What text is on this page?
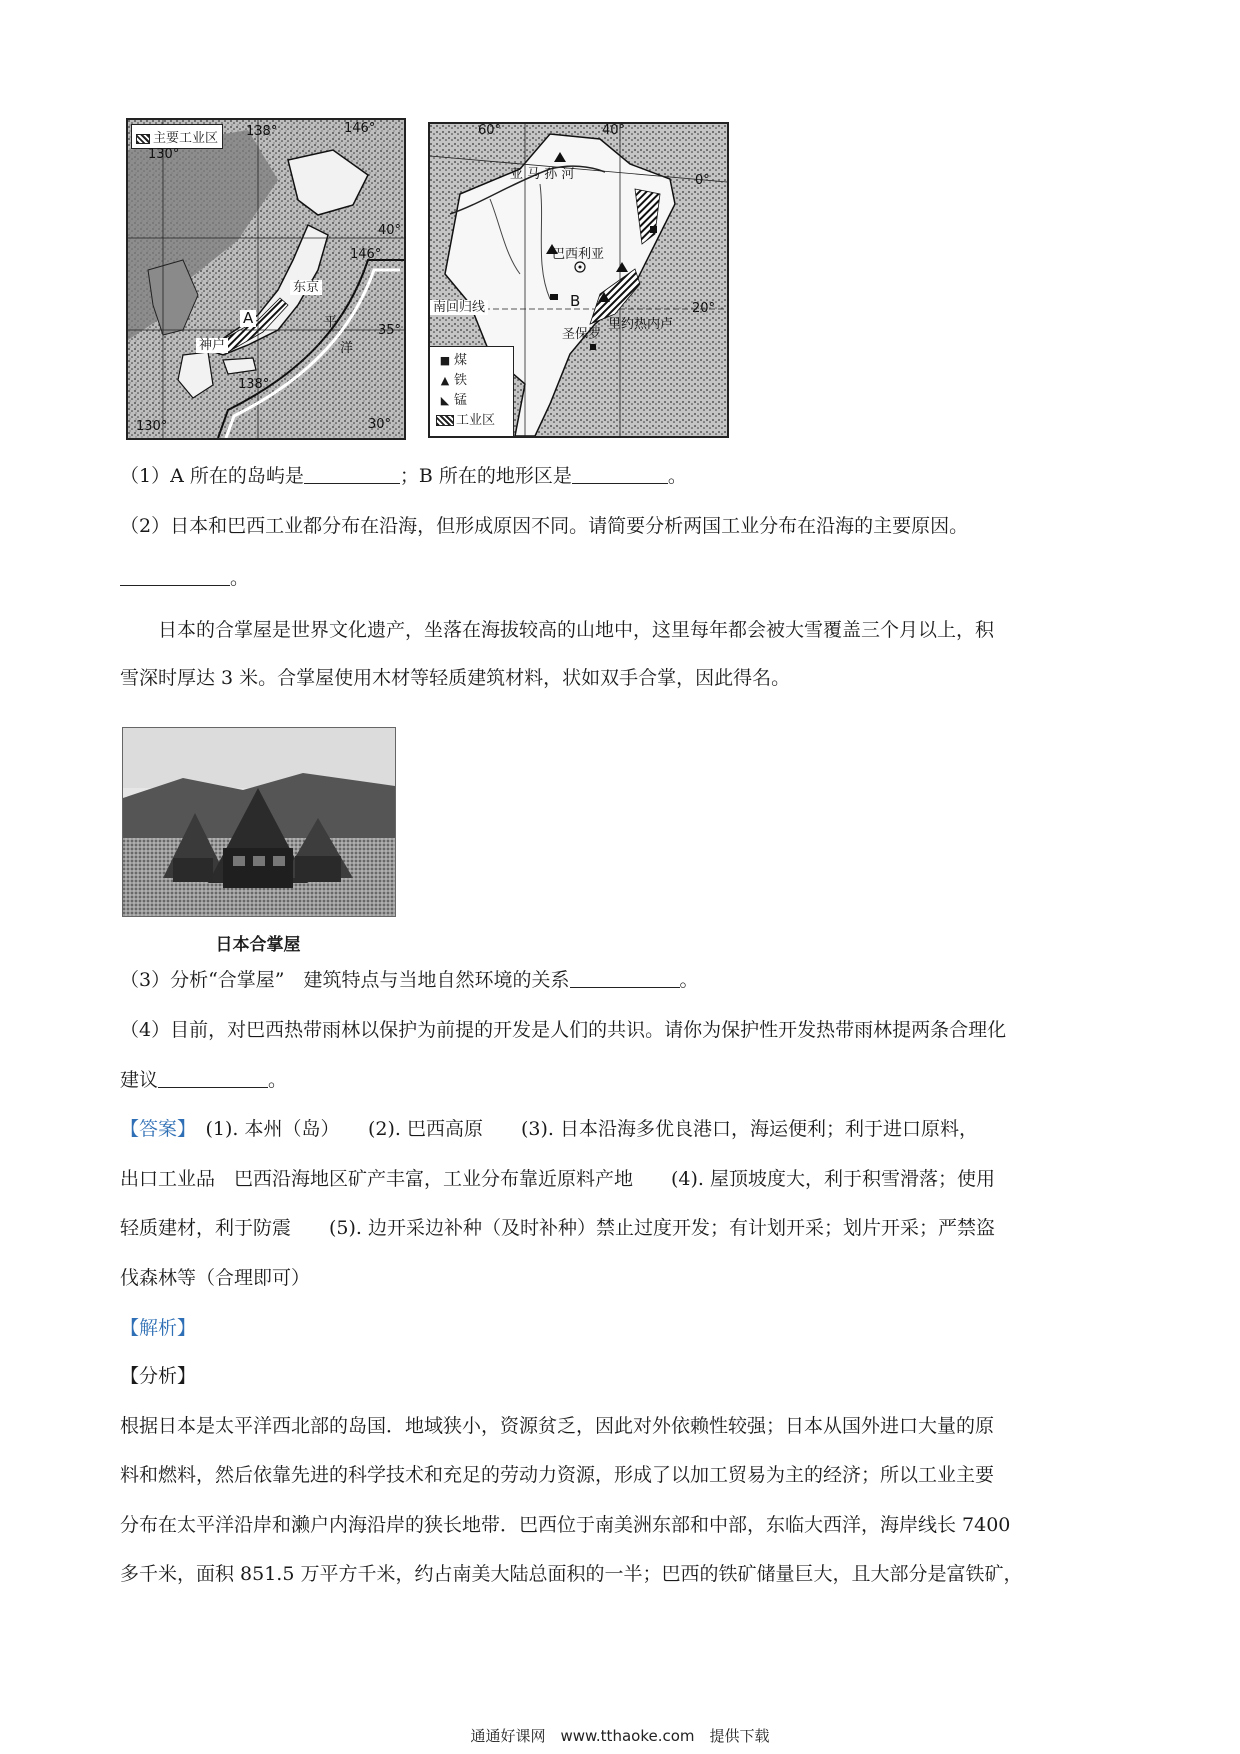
主要工业区
130°
138°	146°
146°
138°
130°
40°
30°
35°
东京
神户
A	平
洋
60°	40°
0°
20°
亚 马 孙 河
巴西利亚
南回归线	B
圣保罗
里约热内卢
■ 煤
▲ 铁
◣ 锰
工业区
（1）A 所在的岛屿是	；B 所在的地形区是	。
（2）日本和巴西工业都分布在沿海，但形成原因不同。请简要分析两国工业分布在沿海的主要原因。
。
日本的合掌屋是世界文化遗产，坐落在海拔较高的山地中，这里每年都会被大雪覆盖三个月以上，积
雪深时厚达 3 米。合掌屋使用木材等轻质建筑材料，状如双手合掌，因此得名。
日本合掌屋
（3）分析“合掌屋”　建筑特点与当地自然环境的关系	。
（4）目前，对巴西热带雨林以保护为前提的开发是人们的共识。请你为保护性开发热带雨林提两条合理化
建议	。
【答案】　(1). 本州（岛）　　(2). 巴西高原　　(3). 日本沿海多优良港口，海运便利；利于进口原料，
出口工业品　巴西沿海地区矿产丰富，工业分布靠近原料产地　　(4). 屋顶坡度大，利于积雪滑落；使用
轻质建材，利于防震　　(5). 边开采边补种（及时补种）禁止过度开发；有计划开采；划片开采；严禁盗
伐森林等（合理即可）
【解析】
【分析】
根据日本是太平洋西北部的岛国．地域狭小，资源贫乏，因此对外依赖性较强；日本从国外进口大量的原
料和燃料，然后依靠先进的科学技术和充足的劳动力资源，形成了以加工贸易为主的经济；所以工业主要
分布在太平洋沿岸和濑户内海沿岸的狭长地带．巴西位于南美洲东部和中部，东临大西洋，海岸线长 7400
多千米，面积 851.5 万平方千米，约占南美大陆总面积的一半；巴西的铁矿储量巨大，且大部分是富铁矿，
通通好课网　www.tthaoke.com　提供下载
